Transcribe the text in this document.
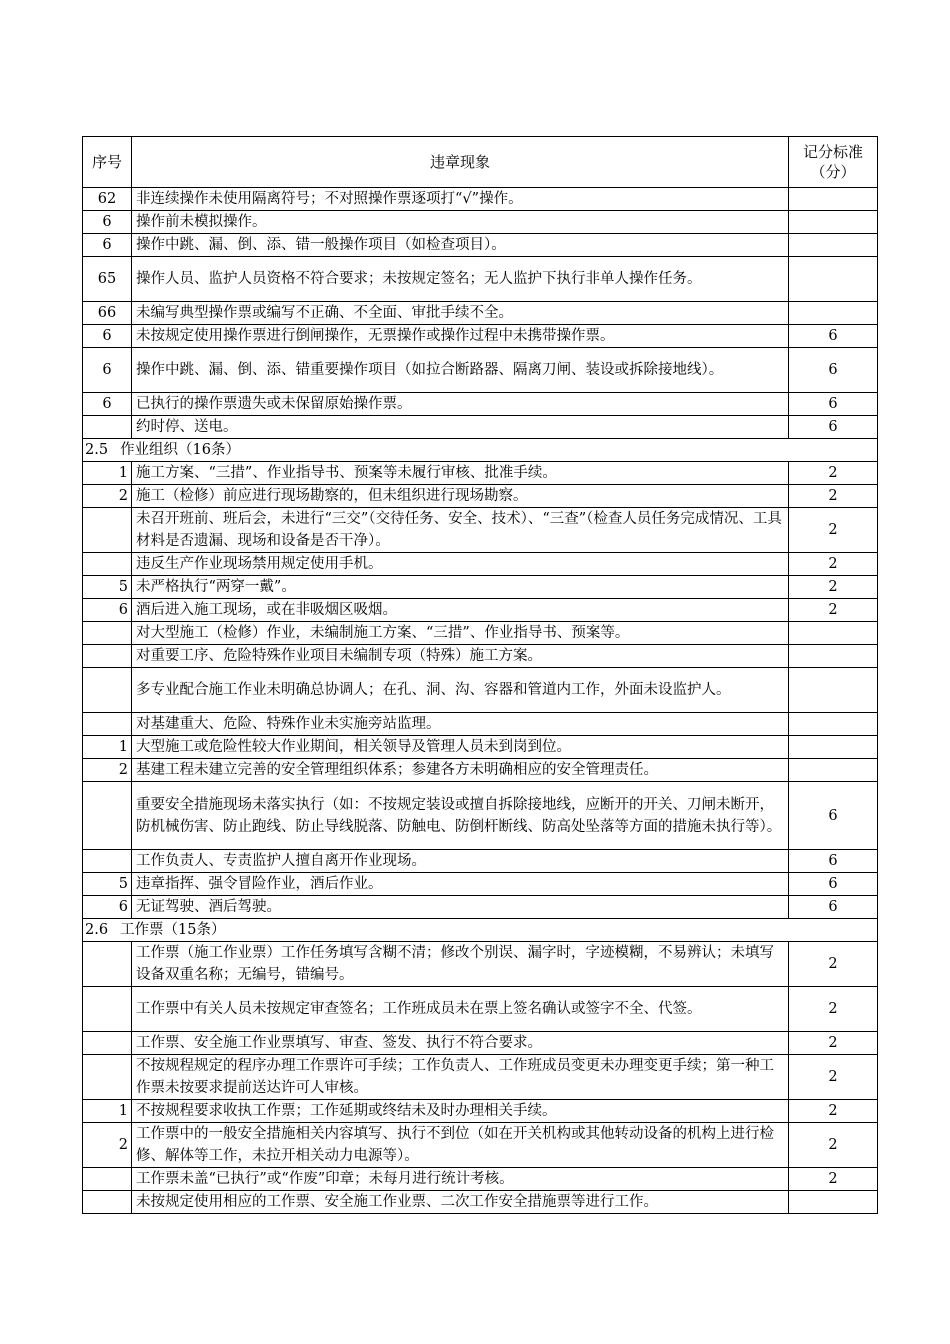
序号	违章现象	记分标准（分）
62	非连续操作未使用隔离符号；不对照操作票逐项打“√”操作。	
6	操作前未模拟操作。	
6	操作中跳、漏、倒、添、错一般操作项目（如检查项目）。	
65	操作人员、监护人员资格不符合要求；未按规定签名；无人监护下执行非单人操作任务。	
66	未编写典型操作票或编写不正确、不全面、审批手续不全。	
6	未按规定使用操作票进行倒闸操作，无票操作或操作过程中未携带操作票。	6
6	操作中跳、漏、倒、添、错重要操作项目（如拉合断路器、隔离刀闸、装设或拆除接地线）。	6
6	已执行的操作票遗失或未保留原始操作票。	6
	约时停、送电。	6
2.5 作业组织（16条）		
1	施工方案、“三措”、作业指导书、预案等未履行审核、批准手续。	2
2	施工（检修）前应进行现场勘察的，但未组织进行现场勘察。	2
	未召开班前、班后会，未进行“三交”（交待任务、安全、技术）、“三查”（检查人员任务完成情况、工具材料是否遗漏、现场和设备是否干净）。	2
	违反生产作业现场禁用规定使用手机。	2
5	未严格执行“两穿一戴”。	2
6	酒后进入施工现场，或在非吸烟区吸烟。	2
	对大型施工（检修）作业，未编制施工方案、“三措”、作业指导书、预案等。	
	对重要工序、危险特殊作业项目未编制专项（特殊）施工方案。	
	多专业配合施工作业未明确总协调人；在孔、洞、沟、容器和管道内工作，外面未设监护人。	
	对基建重大、危险、特殊作业未实施旁站监理。	
1	大型施工或危险性较大作业期间，相关领导及管理人员未到岗到位。	
2	基建工程未建立完善的安全管理组织体系；参建各方未明确相应的安全管理责任。	
	重要安全措施现场未落实执行（如：不按规定装设或擅自拆除接地线，应断开的开关、刀闸未断开，防机械伤害、防止跑线、防止导线脱落、防触电、防倒杆断线、防高处坠落等方面的措施未执行等）。	6
	工作负责人、专责监护人擅自离开作业现场。	6
5	违章指挥、强令冒险作业，酒后作业。	6
6	无证驾驶、酒后驾驶。	6
2.6 工作票（15条）		
	工作票（施工作业票）工作任务填写含糊不清；修改个别误、漏字时，字迹模糊，不易辨认；未填写设备双重名称；无编号，错编号。	2
	工作票中有关人员未按规定审查签名；工作班成员未在票上签名确认或签字不全、代签。	2
	工作票、安全施工作业票填写、审查、签发、执行不符合要求。	2
	不按规程规定的程序办理工作票许可手续；工作负责人、工作班成员变更未办理变更手续；第一种工作票未按要求提前送达许可人审核。	2
1	不按规程要求收执工作票；工作延期或终结未及时办理相关手续。	2
2	工作票中的一般安全措施相关内容填写、执行不到位（如在开关机构或其他转动设备的机构上进行检修、解体等工作，未拉开相关动力电源等）。	2
	工作票未盖“已执行”或“作废”印章；未每月进行统计考核。	2
	未按规定使用相应的工作票、安全施工作业票、二次工作安全措施票等进行工作。	
